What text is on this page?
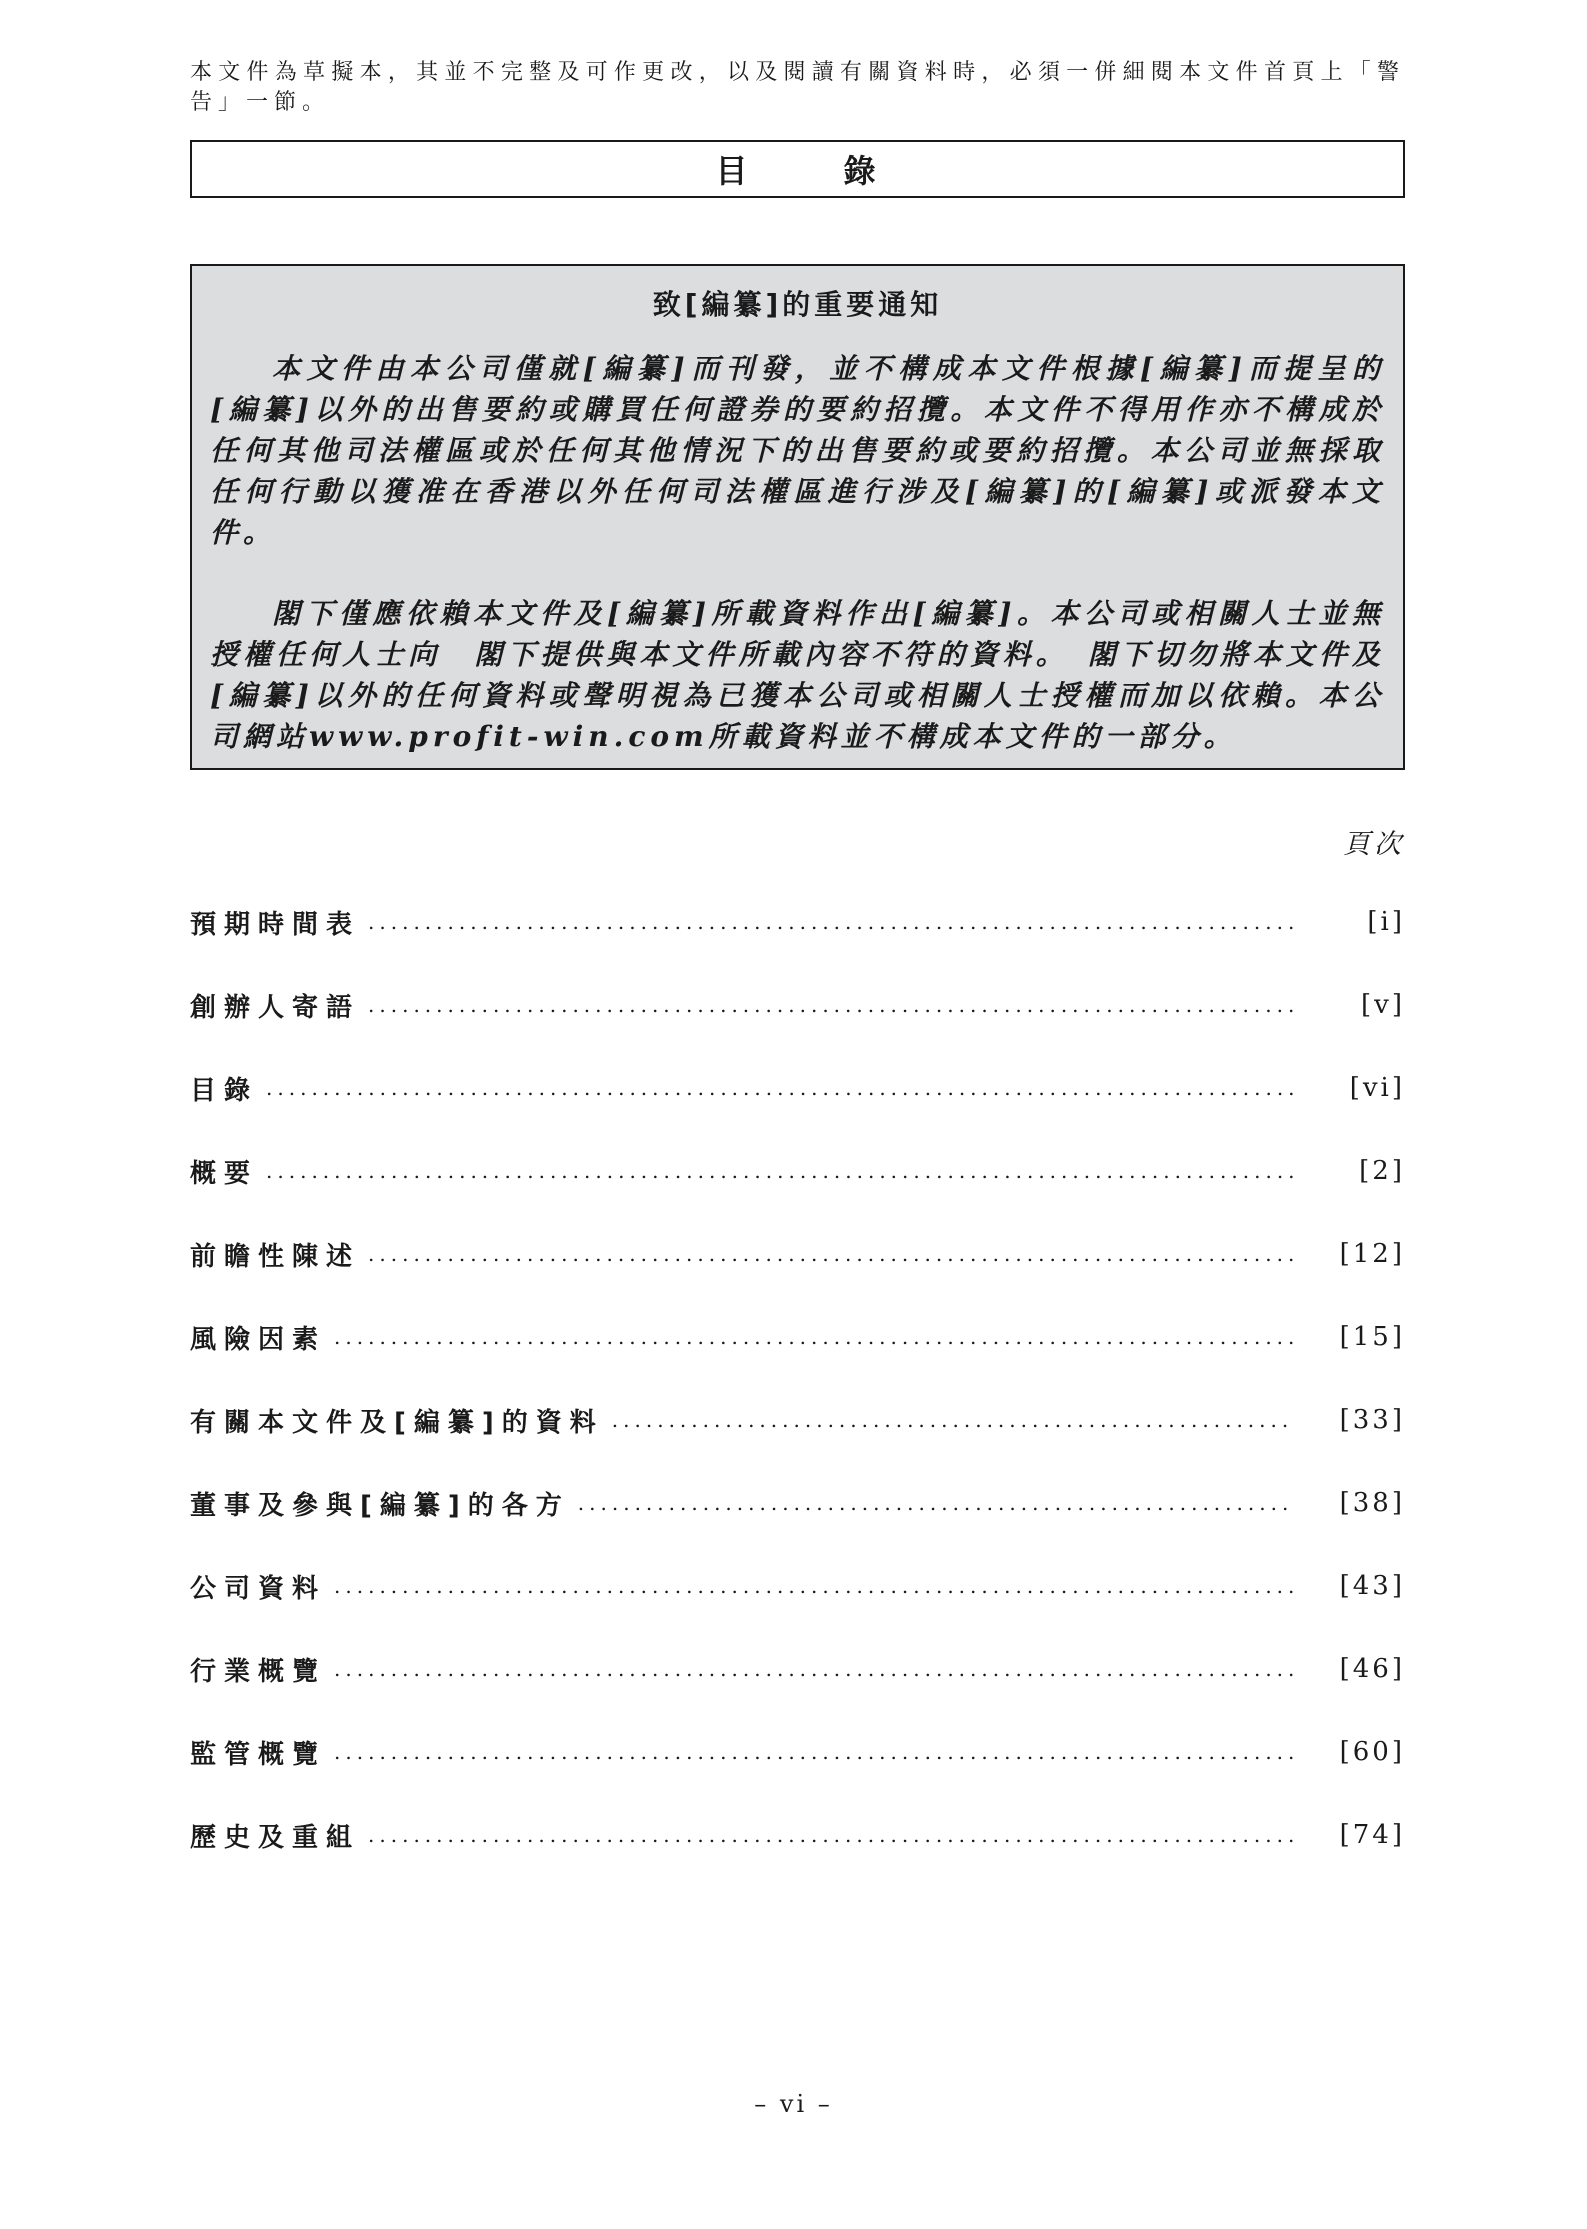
本文件為草擬本，其並不完整及可作更改，以及閱讀有關資料時，必須一併細閱本文件首頁上「警告」一節。
目	錄
致[編纂]的重要通知

本文件由本公司僅就[編纂]而刊發，並不構成本文件根據[編纂]而提呈的[編纂]以外的出售要約或購買任何證券的要約招攬。本文件不得用作亦不構成於任何其他司法權區或於任何其他情況下的出售要約或要約招攬。本公司並無採取任何行動以獲准在香港以外任何司法權區進行涉及[編纂]的[編纂]或派發本文件。

閣下僅應依賴本文件及[編纂]所載資料作出[編纂]。本公司或相關人士並無授權任何人士向　閣下提供與本文件所載內容不符的資料。　閣下切勿將本文件及[編纂]以外的任何資料或聲明視為已獲本公司或相關人士授權而加以依賴。本公司網站www.profit-win.com所載資料並不構成本文件的一部分。

頁次
預期時間表 .....	[i]
創辦人寄語 .....	[v]
目錄 .....	[vi]
概要 .....	[2]
前瞻性陳述 .....	[12]
風險因素 .....	[15]
有關本文件及[編纂]的資料 .....	[33]
董事及參與[編纂]的各方 .....	[38]
公司資料 .....	[43]
行業概覽 .....	[46]
監管概覽 .....	[60]
歷史及重組 .....	[74]
– vi –
